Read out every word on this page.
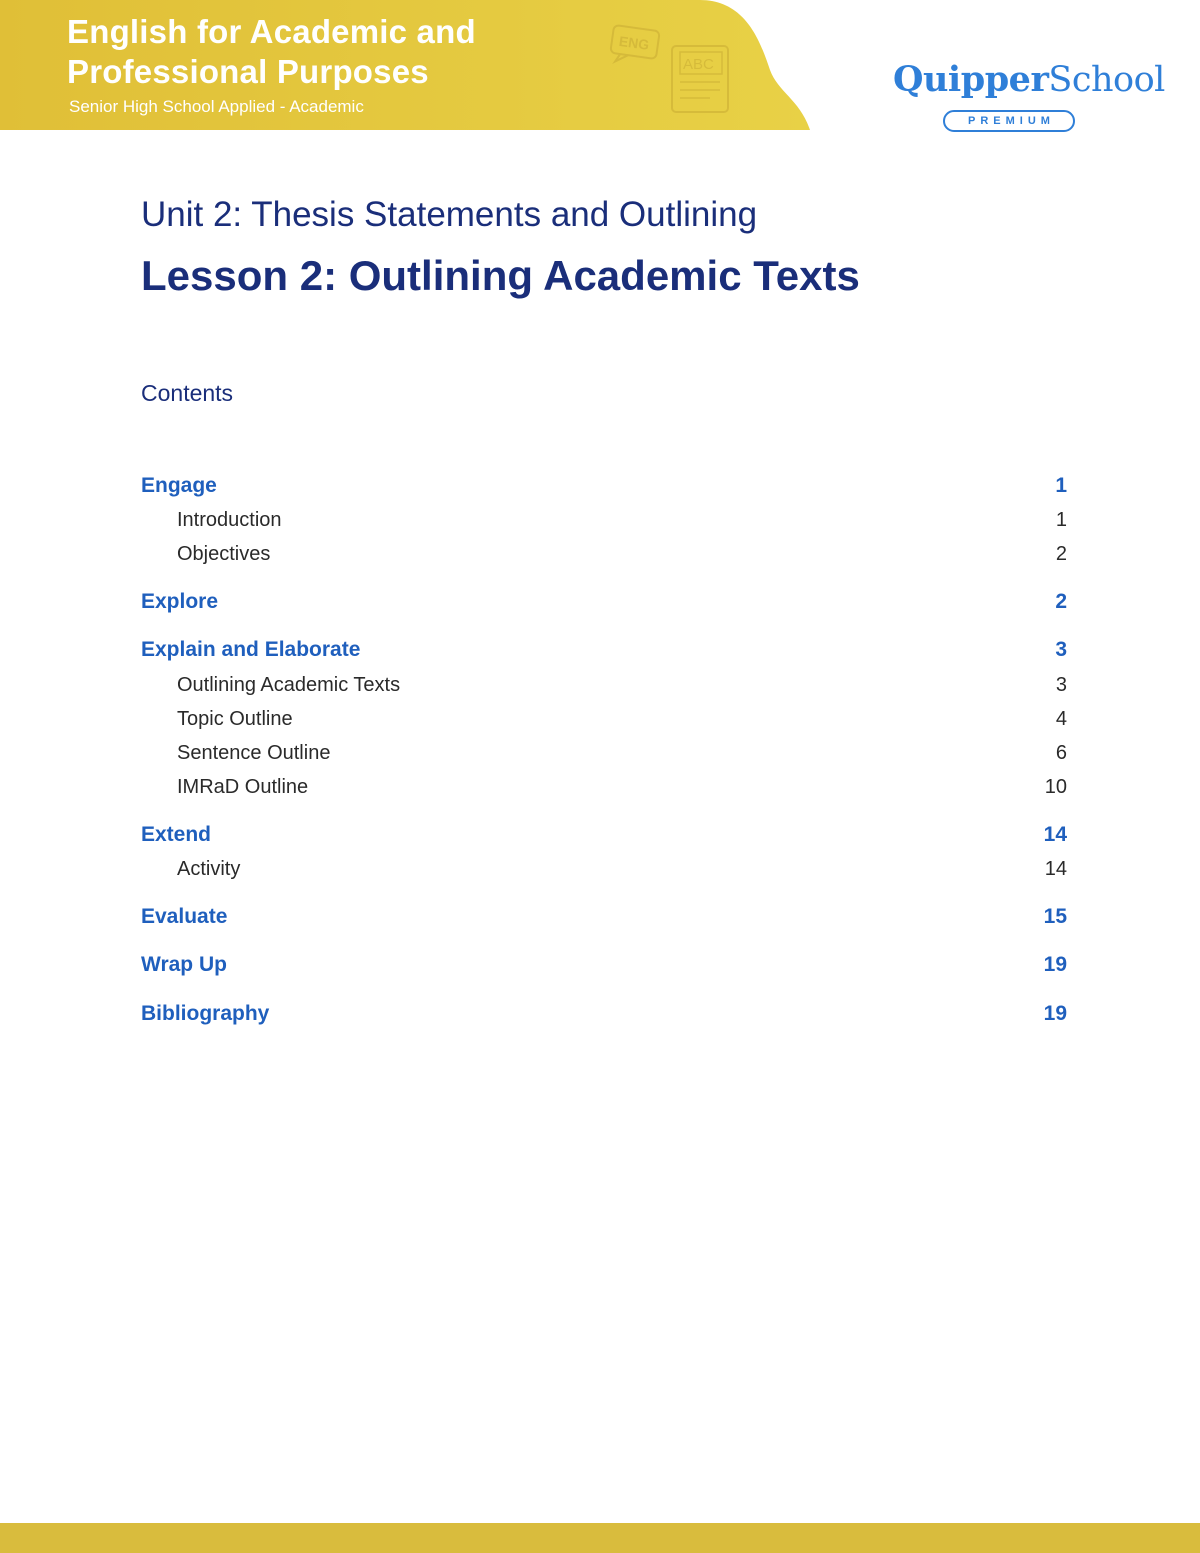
ENG
ABC
English for Academic and
Professional Purposes

Senior High School Applied - Academic

QuipperSchool
PREMIUM
Unit 2: Thesis Statements and Outlining
Lesson 2: Outlining Academic Texts
Contents
Engage	1
Introduction	1
Objectives	2
Explore	2
Explain and Elaborate	3
Outlining Academic Texts	3
Topic Outline	4
Sentence Outline	6
IMRaD Outline	10
Extend	14
Activity	14
Evaluate	15
Wrap Up	19
Bibliography	19
